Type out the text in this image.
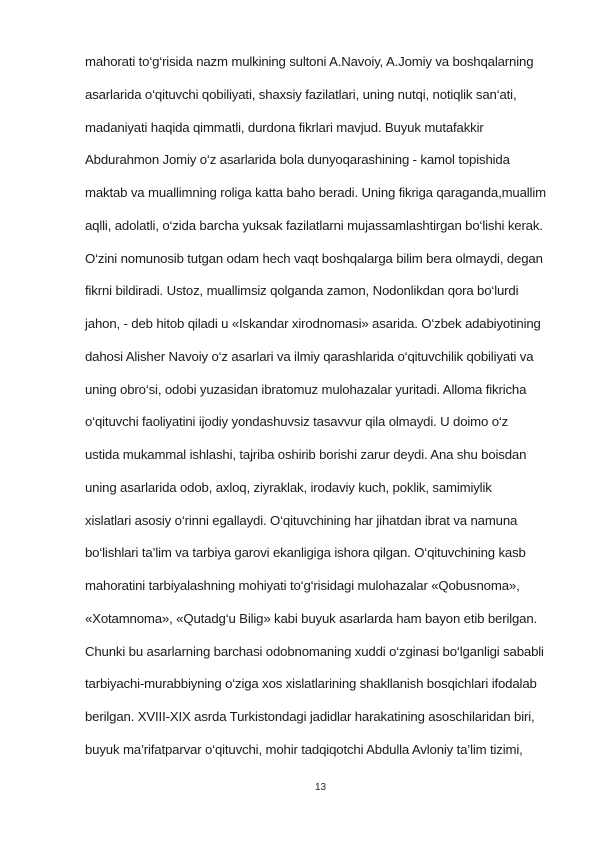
mahorati to‘g‘risida nazm mulkining sultoni A.Navoiy, A.Jomiy va boshqalarning
asarlarida o‘qituvchi qobiliyati, shaxsiy fazilatlari, uning nutqi, notiqlik san‘ati,
madaniyati haqida qimmatli, durdona fikrlari mavjud. Buyuk mutafakkir
Abdurahmon Jomiy o‘z asarlarida bola dunyoqarashining - kamol topishida
maktab va muallimning roliga katta baho beradi. Uning fikriga qaraganda,muallim
aqlli, adolatli, o‘zida barcha yuksak fazilatlarni mujassamlashtirgan bo‘lishi kerak.
O‘zini nomunosib tutgan odam hech vaqt boshqalarga bilim bera olmaydi, degan
fikrni bildiradi. Ustoz, muallimsiz qolganda zamon, Nodonlikdan qora bo‘lurdi
jahon, - deb hitob qiladi u «Iskandar xirodnomasi» asarida. O‘zbek adabiyotining
dahosi Alisher Navoiy o‘z asarlari va ilmiy qarashlarida o‘qituvchilik qobiliyati va
uning obro‘si, odobi yuzasidan ibratomuz mulohazalar yuritadi. Alloma fikricha
o‘qituvchi faoliyatini ijodiy yondashuvsiz tasavvur qila olmaydi. U doimo o‘z
ustida mukammal ishlashi, tajriba oshirib borishi zarur deydi. Ana shu boisdan
uning asarlarida odob, axloq, ziyraklak, irodaviy kuch, poklik, samimiylik
xislatlari asosiy o‘rinni egallaydi. O‘qituvchining har jihatdan ibrat va namuna
bo‘lishlari ta’lim va tarbiya garovi ekanligiga ishora qilgan. O‘qituvchining kasb
mahoratini tarbiyalashning mohiyati to‘g‘risidagi mulohazalar «Qobusnoma»,
«Xotamnoma», «Qutadg‘u Bilig» kabi buyuk asarlarda ham bayon etib berilgan.
Chunki bu asarlarning barchasi odobnomaning xuddi o‘zginasi bo‘lganligi sababli
tarbiyachi-murabbiyning o‘ziga xos xislatlarining shakllanish bosqichlari ifodalab
berilgan. XVIII-XIX asrda Turkistondagi jadidlar harakatining asoschilaridan biri,
buyuk ma’rifatparvar o‘qituvchi, mohir tadqiqotchi Abdulla Avloniy ta’lim tizimi,
13
